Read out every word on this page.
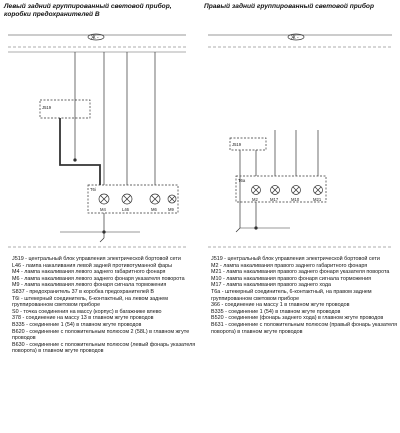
Левый задний группированный световой прибор, коробки предохранителей B
Правый задний группированный световой прибор
Ж -
J519
T6i
M4	L46	M6	M9
Ж -
J519
T6a
M2	M17	M10	M21
J519 - центральный блок управления электрической бортовой сети
L46 - лампа накаливания левой задней противотуманной фары
M4 - лампа накаливания левого заднего габаритного фонаря
M6 - лампа накаливания левого заднего фонаря указателя поворота
M9 - лампа накаливания левого фонаря сигнала торможения
S837 - предохранитель 37 в коробка предохранителей B
T6i - штекерный соединитель, 6-контактный, на левом заднем группированном световом приборе
S0 - точка соединения на массу (корпус) в багажнике влево
378 - соединение на массу 13 в главном жгуте проводов
B335 - соединение 1 (54) в главном жгуте проводов
B620 - соединение с положительным полюсом 2 (58L) в главном жгуте проводов
B630 - соединение с положительным полюсом (левый фонарь указателя поворота) в главном жгуте проводов
J519 - центральный блок управления электрической бортовой сети
M2 - лампа накаливания правого заднего габаритного фонаря
M21 - лампа накаливания правого заднего фонаря указателя поворота
M10 - лампа накаливания правого фонаря сигнала торможения
M17 - лампа накаливания правого заднего хода
T6a - штекерный соединитель, 6-контактный, на правом заднем группированном световом приборе
366 - соединение на массу 1 в главном жгуте проводов
B335 - соединение 1 (54) в главном жгуте проводов
B520 - соединение (фонарь заднего хода) в главном жгуте проводов
B631 - соединение с положительным полюсом (правый фонарь указателя поворота) в главном жгуте проводов
